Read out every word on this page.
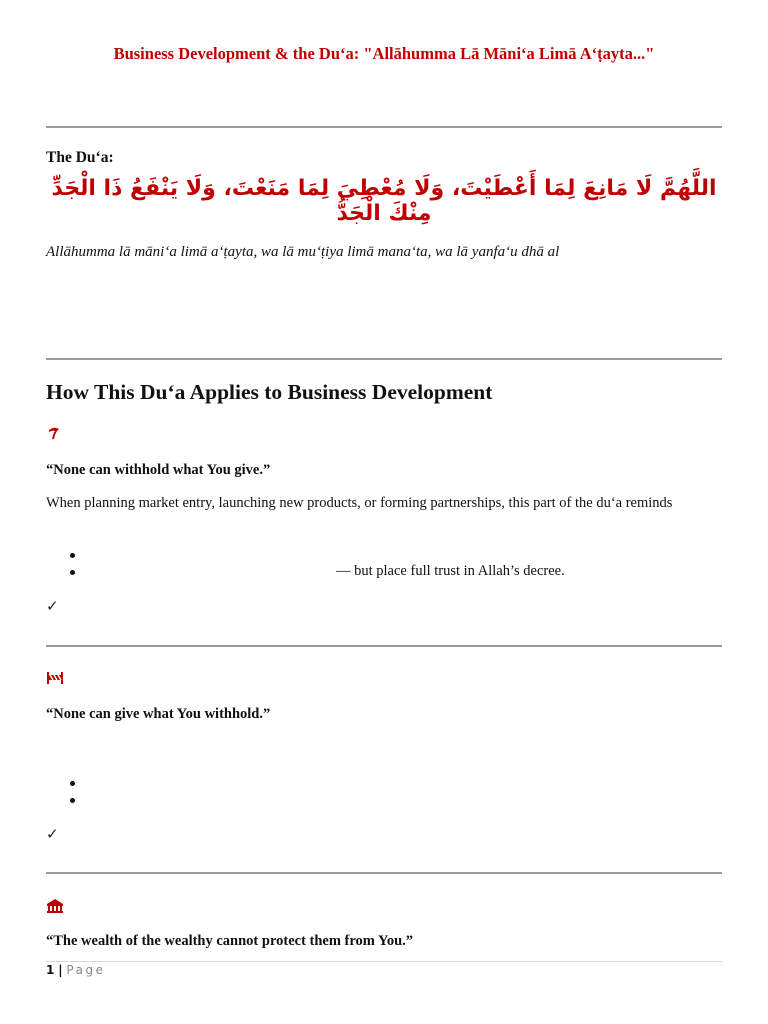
Business Development & the Du‘a: "Allāhumma Lā Māni‘a Limā A‘ṭayta..."
The Du‘a:
اللَّهُمَّ لَا مَانِعَ لِمَا أَعْطَيْتَ، وَلَا مُعْطِيَ لِمَا مَنَعْتَ، وَلَا يَنْفَعُ ذَا الْجَدِّ مِنْكَ الْجَدُّ
Allāhumma lā māni‘a limā a‘ṭayta, wa lā mu‘ṭiya limā mana‘ta, wa lā yanfa‘u dhā al
How This Du‘a Applies to Business Development
“None can withhold what You give.”
When planning market entry, launching new products, or forming partnerships, this part of the du‘a reminds
— but place full trust in Allah’s decree.
✓
“None can give what You withhold.”
✓
“The wealth of the wealthy cannot protect them from You.”
1 | Page
